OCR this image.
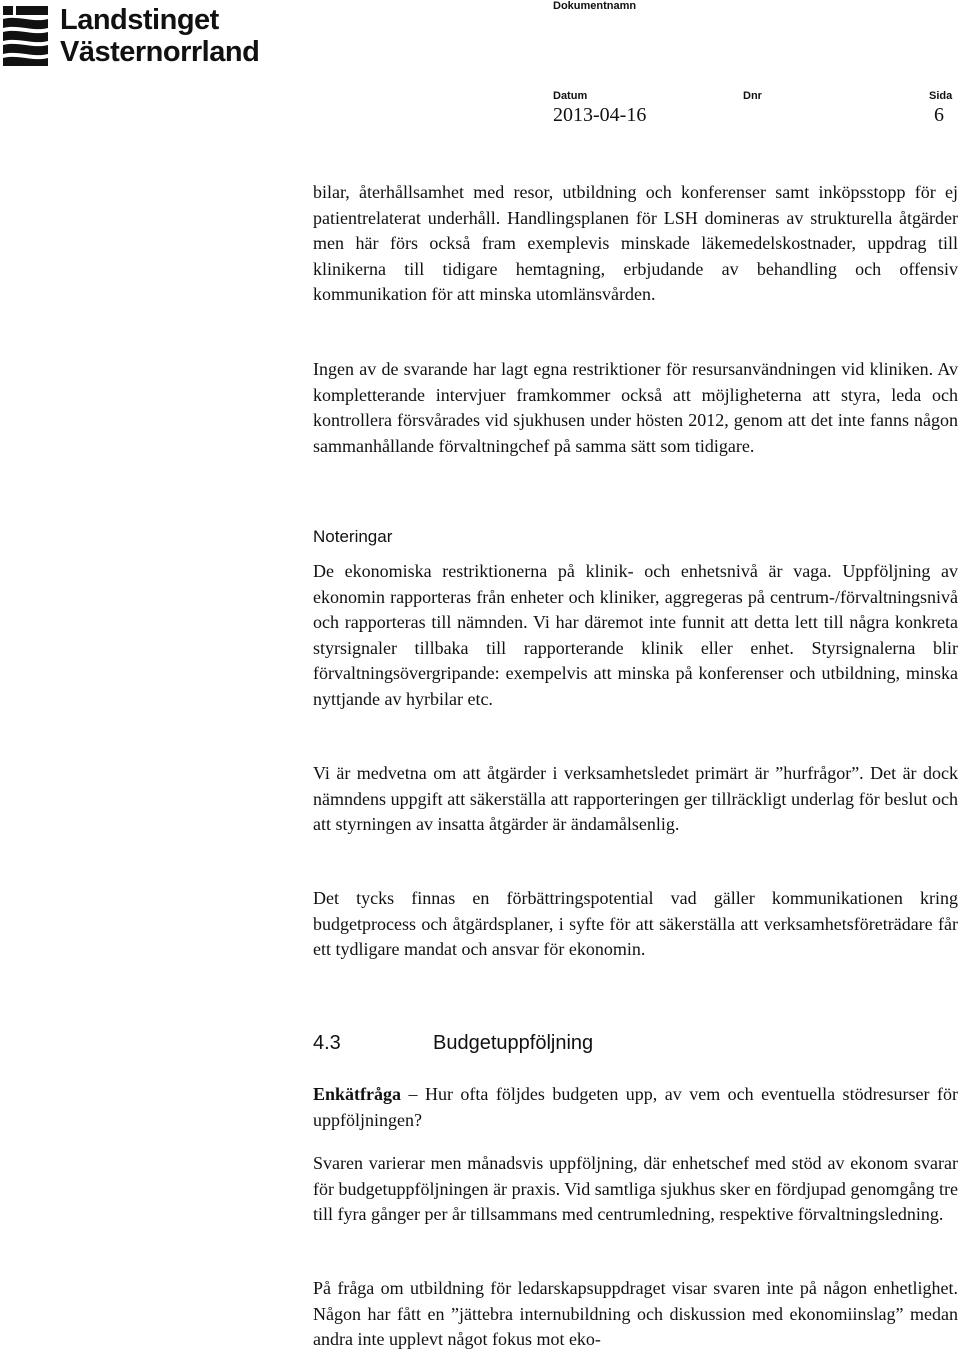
Landstinget
Västernorrland
Dokumentnamn
Datum	Dnr	Sida
2013-04-16	6

bilar, återhållsamhet med resor, utbildning och konferenser samt inköpsstopp för ej patientrelaterat underhåll. Handlingsplanen för LSH domineras av strukturella åtgärder men här förs också fram exemplevis minskade läkemedelskostnader, uppdrag till klinikerna till tidigare hemtagning, erbjudande av behandling och offensiv kommunikation för att minska utomlänsvården.

Ingen av de svarande har lagt egna restriktioner för resursanvändningen vid kliniken. Av kompletterande intervjuer framkommer också att möjligheterna att styra, leda och kontrollera försvårades vid sjukhusen under hösten 2012, genom att det inte fanns någon sammanhållande förvaltningchef på samma sätt som tidigare.

Noteringar

De ekonomiska restriktionerna på klinik- och enhetsnivå är vaga. Uppföljning av ekonomin rapporteras från enheter och kliniker, aggregeras på centrum-/förvaltningsnivå och rapporteras till nämnden. Vi har däremot inte funnit att detta lett till några konkreta styrsignaler tillbaka till rapporterande klinik eller enhet. Styrsignalerna blir förvaltningsövergripande: exempelvis att minska på konferenser och utbildning, minska nyttjande av hyrbilar etc.

Vi är medvetna om att åtgärder i verksamhetsledet primärt är ”hurfrågor”. Det är dock nämndens uppgift att säkerställa att rapporteringen ger tillräckligt underlag för beslut och att styrningen av insatta åtgärder är ändamålsenlig.

Det tycks finnas en förbättringspotential vad gäller kommunikationen kring budgetprocess och åtgärdsplaner, i syfte för att säkerställa att verksamhetsföreträdare får ett tydligare mandat och ansvar för ekonomin.

4.3	Budgetuppföljning

Enkätfråga – Hur ofta följdes budgeten upp, av vem och eventuella stödresurser för uppföljningen?

Svaren varierar men månadsvis uppföljning, där enhetschef med stöd av ekonom svarar för budgetuppföljningen är praxis. Vid samtliga sjukhus sker en fördjupad genomgång tre till fyra gånger per år tillsammans med centrumledning, respektive förvaltningsledning.

På fråga om utbildning för ledarskapsuppdraget visar svaren inte på någon enhetlighet. Någon har fått en ”jättebra internubildning och diskussion med ekonomiinslag” medan andra inte upplevt något fokus mot eko-
